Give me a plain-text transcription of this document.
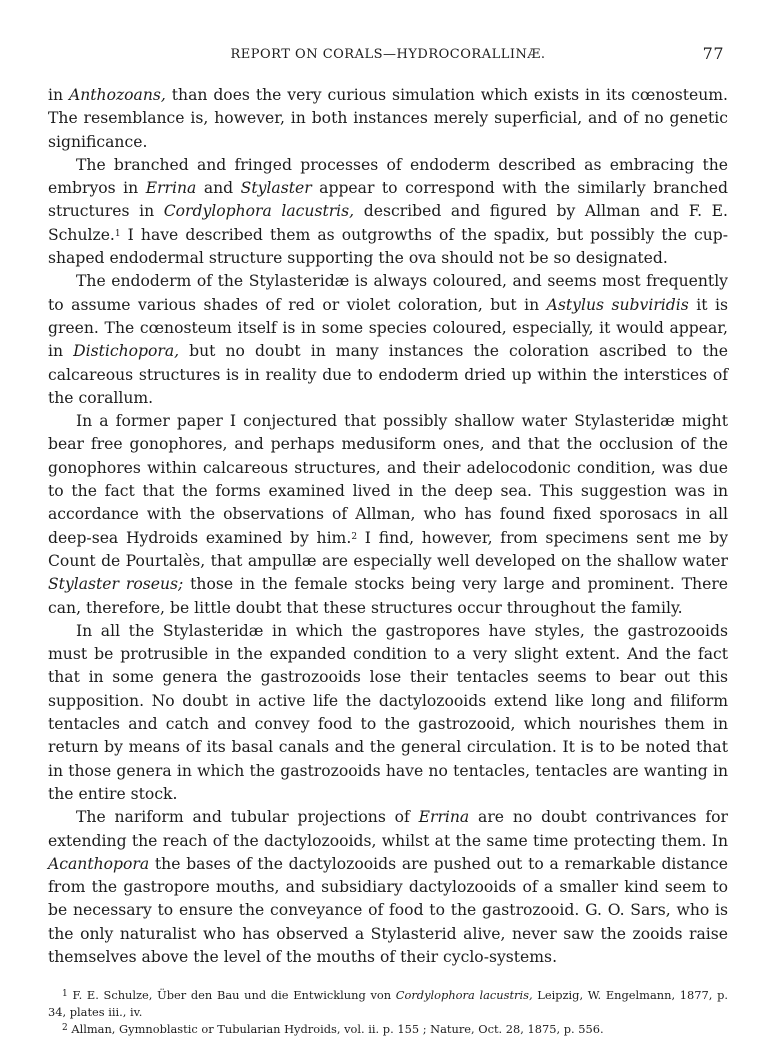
REPORT ON CORALS—HYDROCORALLINÆ.	77

in Anthozoans, than does the very curious simulation which exists in its cœnosteum. The resemblance is, however, in both instances merely superficial, and of no genetic significance.

The branched and fringed processes of endoderm described as embracing the embryos in Errina and Stylaster appear to correspond with the similarly branched structures in Cordylophora lacustris, described and figured by Allman and F. E. Schulze.$^1$ I have described them as outgrowths of the spadix, but possibly the cup-shaped endodermal structure supporting the ova should not be so designated.

The endoderm of the Stylasteridæ is always coloured, and seems most frequently to assume various shades of red or violet coloration, but in Astylus subviridis it is green. The cœnosteum itself is in some species coloured, especially, it would appear, in Distichopora, but no doubt in many instances the coloration ascribed to the calcareous structures is in reality due to endoderm dried up within the interstices of the corallum.

In a former paper I conjectured that possibly shallow water Stylasteridæ might bear free gonophores, and perhaps medusiform ones, and that the occlusion of the gonophores within calcareous structures, and their adelocodonic condition, was due to the fact that the forms examined lived in the deep sea. This suggestion was in accordance with the observations of Allman, who has found fixed sporosacs in all deep-sea Hydroids examined by him.$^2$ I find, however, from specimens sent me by Count de Pourtalès, that ampullæ are especially well developed on the shallow water Stylaster roseus; those in the female stocks being very large and prominent. There can, therefore, be little doubt that these structures occur throughout the family.

In all the Stylasteridæ in which the gastropores have styles, the gastrozooids must be protrusible in the expanded condition to a very slight extent. And the fact that in some genera the gastrozooids lose their tentacles seems to bear out this supposition. No doubt in active life the dactylozooids extend like long and filiform tentacles and catch and convey food to the gastrozooid, which nourishes them in return by means of its basal canals and the general circulation. It is to be noted that in those genera in which the gastrozooids have no tentacles, tentacles are wanting in the entire stock.

The nariform and tubular projections of Errina are no doubt contrivances for extending the reach of the dactylozooids, whilst at the same time protecting them. In Acanthopora the bases of the dactylozooids are pushed out to a remarkable distance from the gastropore mouths, and subsidiary dactylozooids of a smaller kind seem to be necessary to ensure the conveyance of food to the gastrozooid. G. O. Sars, who is the only naturalist who has observed a Stylasterid alive, never saw the zooids raise themselves above the level of the mouths of their cyclo-systems.

$^1$ F. E. Schulze, Über den Bau und die Entwicklung von Cordylophora lacustris, Leipzig, W. Engelmann, 1877, p. 34, plates iii., iv.

$^2$ Allman, Gymnoblastic or Tubularian Hydroids, vol. ii. p. 155 ; Nature, Oct. 28, 1875, p. 556.
